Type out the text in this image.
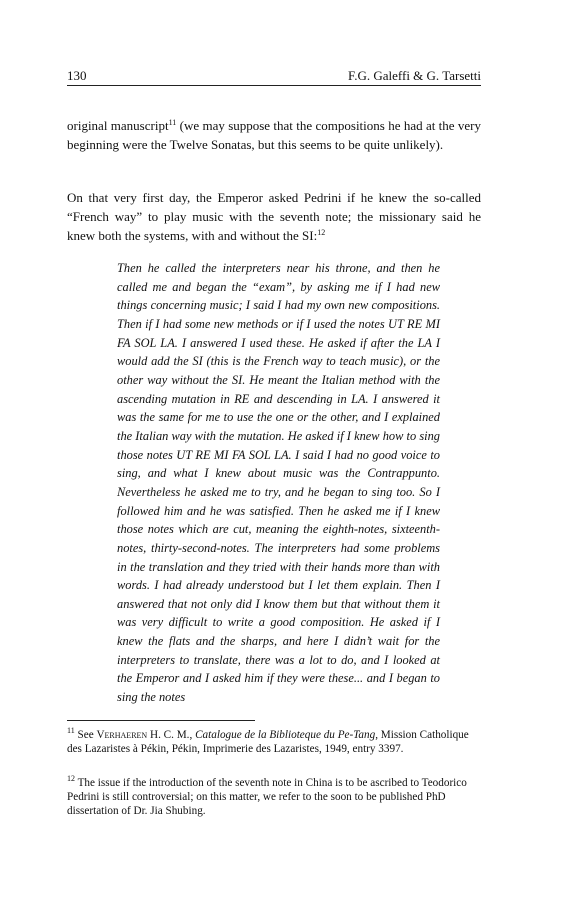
130	F.G. Galeffi & G. Tarsetti

original manuscript$^{11}$ (we may suppose that the compositions he had at the very beginning were the Twelve Sonatas, but this seems to be quite unlikely).

On that very first day, the Emperor asked Pedrini if he knew the so-called “French way” to play music with the seventh note; the missionary said he knew both the systems, with and without the SI:$^{12}$

Then he called the interpreters near his throne, and then he called me and began the “exam”, by asking me if I had new things concerning music; I said I had my own new compositions. Then if I had some new methods or if I used the notes UT RE MI FA SOL LA. I answered I used these. He asked if after the LA I would add the SI (this is the French way to teach music), or the other way without the SI. He meant the Italian method with the ascending mutation in RE and descending in LA. I answered it was the same for me to use the one or the other, and I explained the Italian way with the mutation. He asked if I knew how to sing those notes UT RE MI FA SOL LA. I said I had no good voice to sing, and what I knew about music was the Contrappunto. Nevertheless he asked me to try, and he began to sing too. So I followed him and he was satisfied. Then he asked me if I knew those notes which are cut, meaning the eighth-notes, sixteenth-notes, thirty-second-notes. The interpreters had some problems in the translation and they tried with their hands more than with words. I had already understood but I let them explain. Then I answered that not only did I know them but that without them it was very difficult to write a good composition. He asked if I knew the flats and the sharps, and here I didn’t wait for the interpreters to translate, there was a lot to do, and I looked at the Emperor and I asked him if they were these... and I began to sing the notes

$^{11}$ See Verhaeren H. C. M., Catalogue de la Biblioteque du Pe-Tang, Mission Catholique des Lazaristes à Pékin, Pékin, Imprimerie des Lazaristes, 1949, entry 3397.

$^{12}$ The issue if the introduction of the seventh note in China is to be ascribed to Teodorico Pedrini is still controversial; on this matter, we refer to the soon to be published PhD dissertation of Dr. Jia Shubing.
